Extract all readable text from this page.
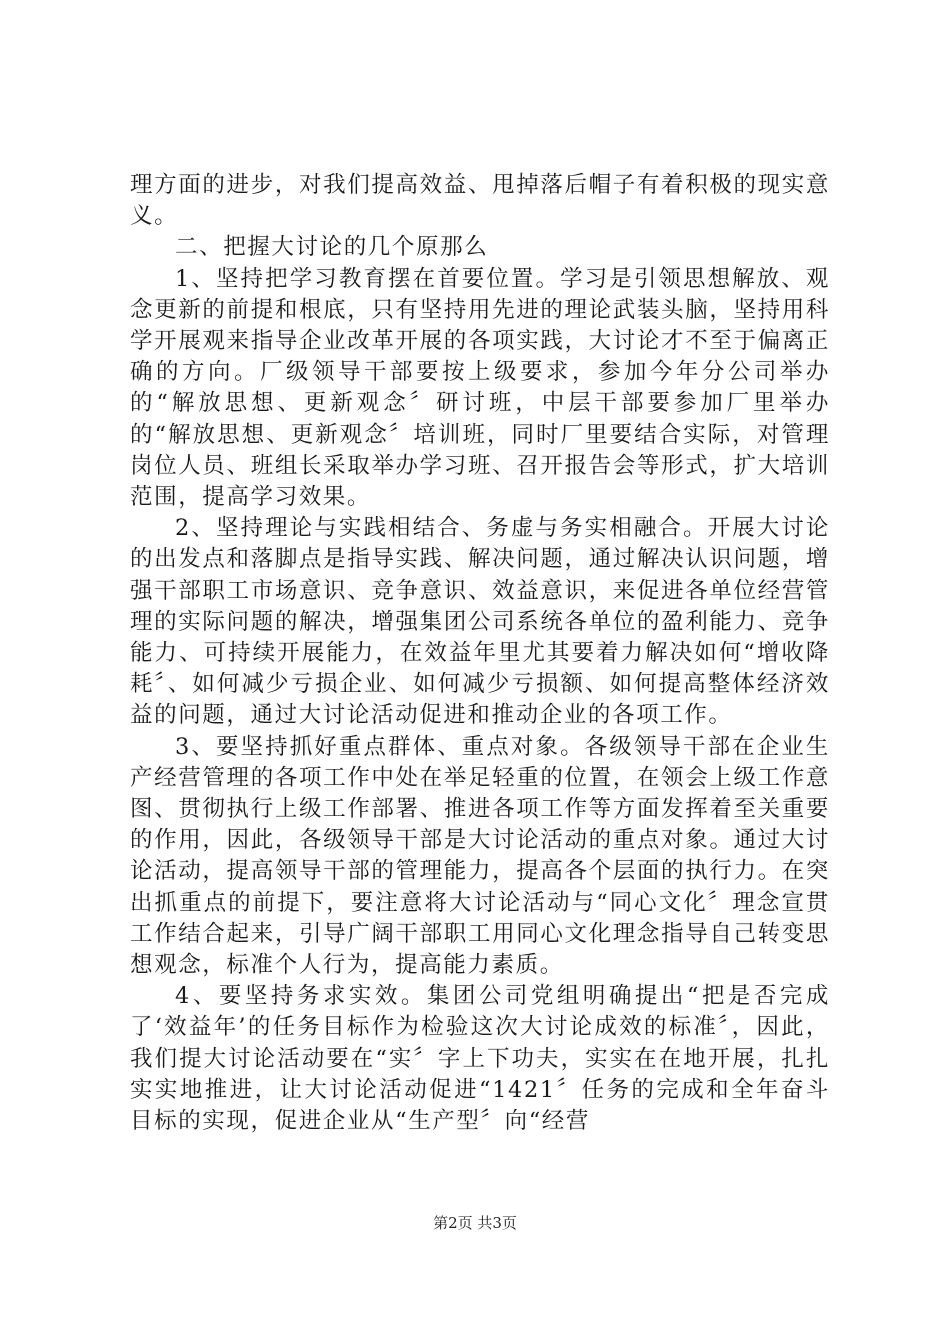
理方面的进步，对我们提高效益、甩掉落后帽子有着积极的现实意义。

二、把握大讨论的几个原那么

1、坚持把学习教育摆在首要位置。学习是引领思想解放、观念更新的前提和根底，只有坚持用先进的理论武装头脑，坚持用科学开展观来指导企业改革开展的各项实践，大讨论才不至于偏离正确的方向。厂级领导干部要按上级要求，参加今年分公司举办的“解放思想、更新观念〞研讨班，中层干部要参加厂里举办的“解放思想、更新观念〞培训班，同时厂里要结合实际，对管理岗位人员、班组长采取举办学习班、召开报告会等形式，扩大培训范围，提高学习效果。

2、坚持理论与实践相结合、务虚与务实相融合。开展大讨论的出发点和落脚点是指导实践、解决问题，通过解决认识问题，增强干部职工市场意识、竞争意识、效益意识，来促进各单位经营管理的实际问题的解决，增强集团公司系统各单位的盈利能力、竞争能力、可持续开展能力，在效益年里尤其要着力解决如何“增收降耗〞、如何减少亏损企业、如何减少亏损额、如何提高整体经济效益的问题，通过大讨论活动促进和推动企业的各项工作。

3、要坚持抓好重点群体、重点对象。各级领导干部在企业生产经营管理的各项工作中处在举足轻重的位置，在领会上级工作意图、贯彻执行上级工作部署、推进各项工作等方面发挥着至关重要的作用，因此，各级领导干部是大讨论活动的重点对象。通过大讨论活动，提高领导干部的管理能力，提高各个层面的执行力。在突出抓重点的前提下，要注意将大讨论活动与“同心文化〞理念宣贯工作结合起来，引导广阔干部职工用同心文化理念指导自己转变思想观念，标准个人行为，提高能力素质。

4、要坚持务求实效。集团公司党组明确提出“把是否完成了‘效益年’的任务目标作为检验这次大讨论成效的标准〞，因此，我们提大讨论活动要在“实〞字上下功夫，实实在在地开展，扎扎实实地推进，让大讨论活动促进“1421〞任务的完成和全年奋斗目标的实现，促进企业从“生产型〞向“经营

第2页 共3页
